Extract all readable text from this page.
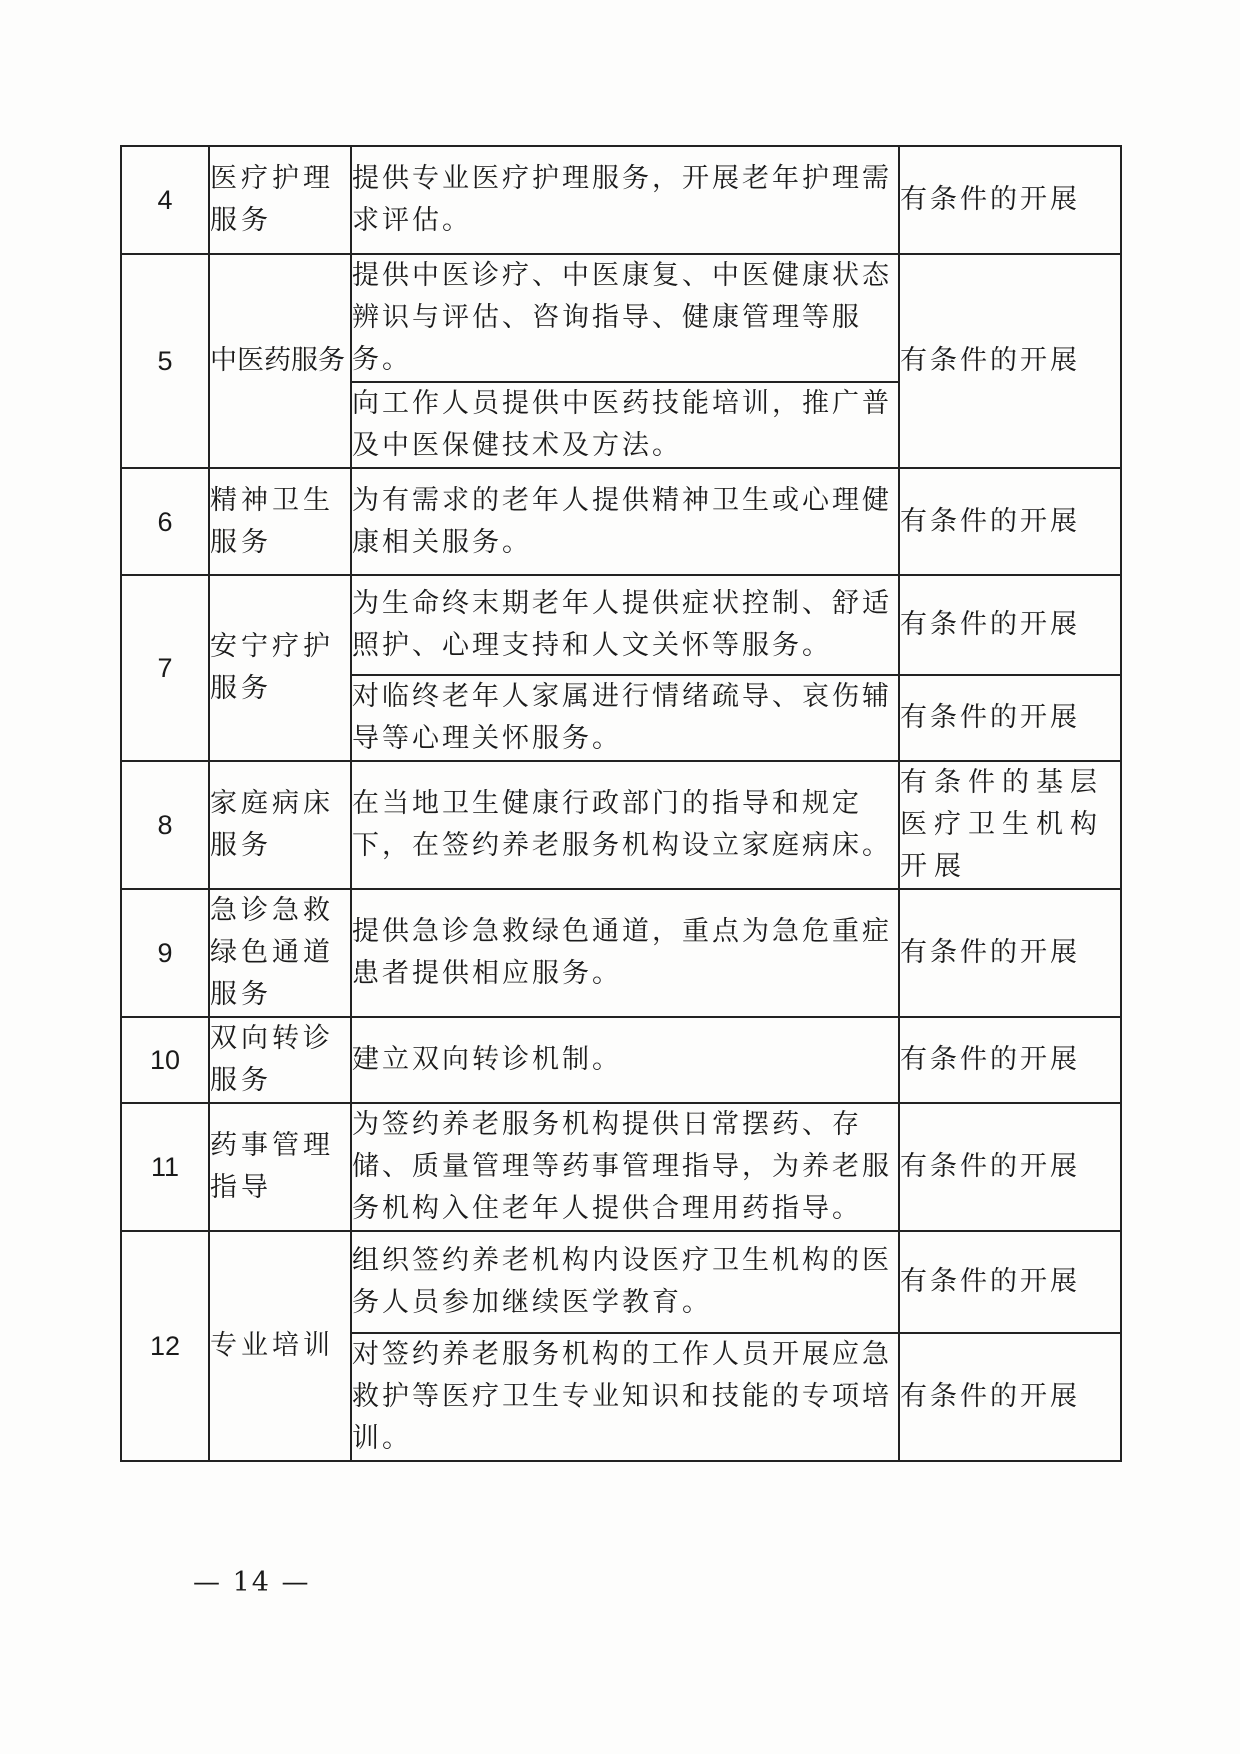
4	医疗护理服务	提供专业医疗护理服务，开展老年护理需求评估。	有条件的开展
5	中医药服务	提供中医诊疗、中医康复、中医健康状态辨识与评估、咨询指导、健康管理等服务。	有条件的开展
		向工作人员提供中医药技能培训，推广普及中医保健技术及方法。	
6	精神卫生服务	为有需求的老年人提供精神卫生或心理健康相关服务。	有条件的开展
7	安宁疗护服务	为生命终末期老年人提供症状控制、舒适照护、心理支持和人文关怀等服务。	有条件的开展
		对临终老年人家属进行情绪疏导、哀伤辅导等心理关怀服务。	有条件的开展
8	家庭病床服务	在当地卫生健康行政部门的指导和规定下，在签约养老服务机构设立家庭病床。	有条件的基层医疗卫生机构开展
9	急诊急救绿色通道服务	提供急诊急救绿色通道，重点为急危重症患者提供相应服务。	有条件的开展
10	双向转诊服务	建立双向转诊机制。	有条件的开展
11	药事管理指导	为签约养老服务机构提供日常摆药、存储、质量管理等药事管理指导，为养老服务机构入住老年人提供合理用药指导。	有条件的开展
12	专业培训	组织签约养老机构内设医疗卫生机构的医务人员参加继续医学教育。	有条件的开展
		对签约养老服务机构的工作人员开展应急救护等医疗卫生专业知识和技能的专项培训。	有条件的开展
— 14 —
